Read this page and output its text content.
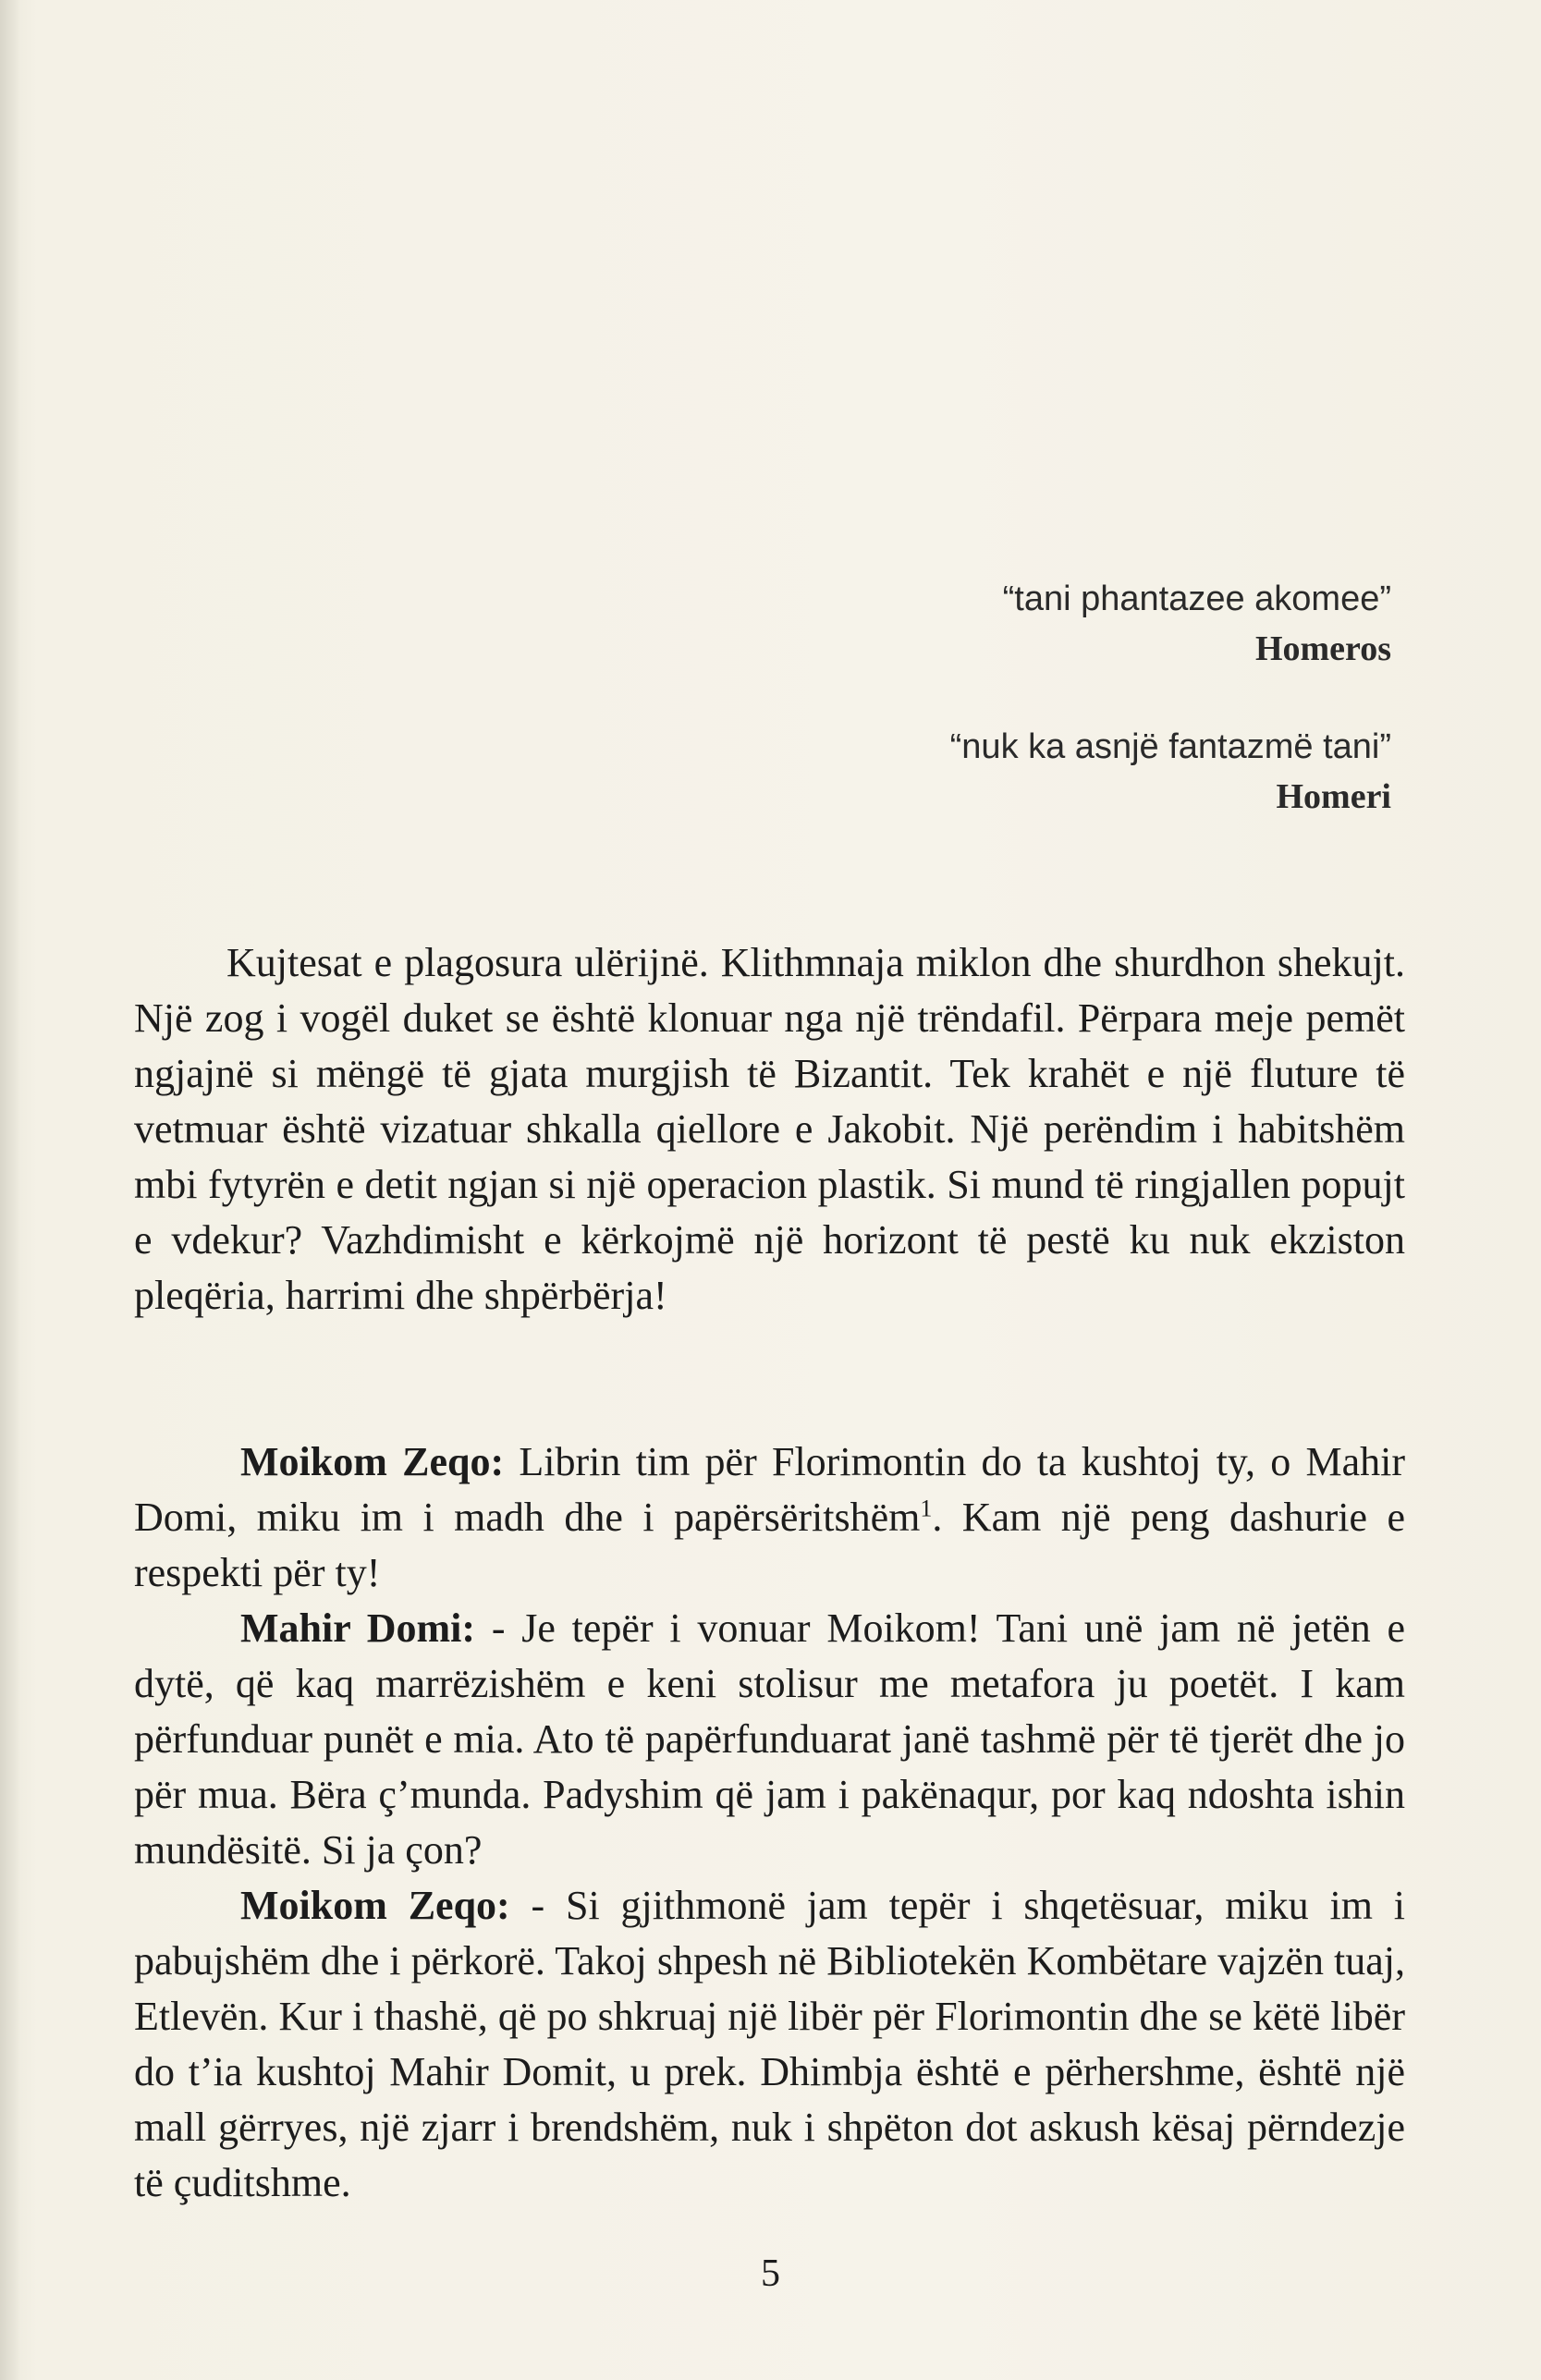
“tani phantazee akomee”
Homeros
“nuk ka asnjë fantazmë tani”
Homeri

Kujtesat e plagosura ulërijnë. Klithmnaja miklon dhe shurdhon shekujt. Një zog i vogël duket se është klonuar nga një trëndafil. Përpara meje pemët ngjajnë si mëngë të gjata murgjish të Bizantit. Tek krahët e një fluture të vetmuar është vizatuar shkalla qiellore e Jakobit. Një perëndim i habitshëm mbi fytyrën e detit ngjan si një operacion plastik. Si mund të ringjallen popujt e vdekur? Vazhdimisht e kërkojmë një horizont të pestë ku nuk ekziston pleqëria, harrimi dhe shpërbërja!

Moikom Zeqo: Librin tim për Florimontin do ta kushtoj ty, o Mahir Domi, miku im i madh dhe i papërsëritshëm$^1$. Kam një peng dashurie e respekti për ty!

Mahir Domi: - Je tepër i vonuar Moikom! Tani unë jam në jetën e dytë, që kaq marrëzishëm e keni stolisur me metafora ju poetët. I kam përfunduar punët e mia. Ato të papërfunduarat janë tashmë për të tjerët dhe jo për mua. Bëra ç’munda. Padyshim që jam i pakënaqur, por kaq ndoshta ishin mundësitë. Si ja çon?

Moikom Zeqo: - Si gjithmonë jam tepër i shqetësuar, miku im i pabujshëm dhe i përkorë. Takoj shpesh në Bibliotekën Kombëtare vajzën tuaj, Etlevën. Kur i thashë, që po shkruaj një libër për Florimontin dhe se këtë libër do t’ia kushtoj Mahir Domit, u prek. Dhimbja është e përhershme, është një mall gërryes, një zjarr i brendshëm, nuk i shpëton dot askush kësaj përndezje të çuditshme.

5
